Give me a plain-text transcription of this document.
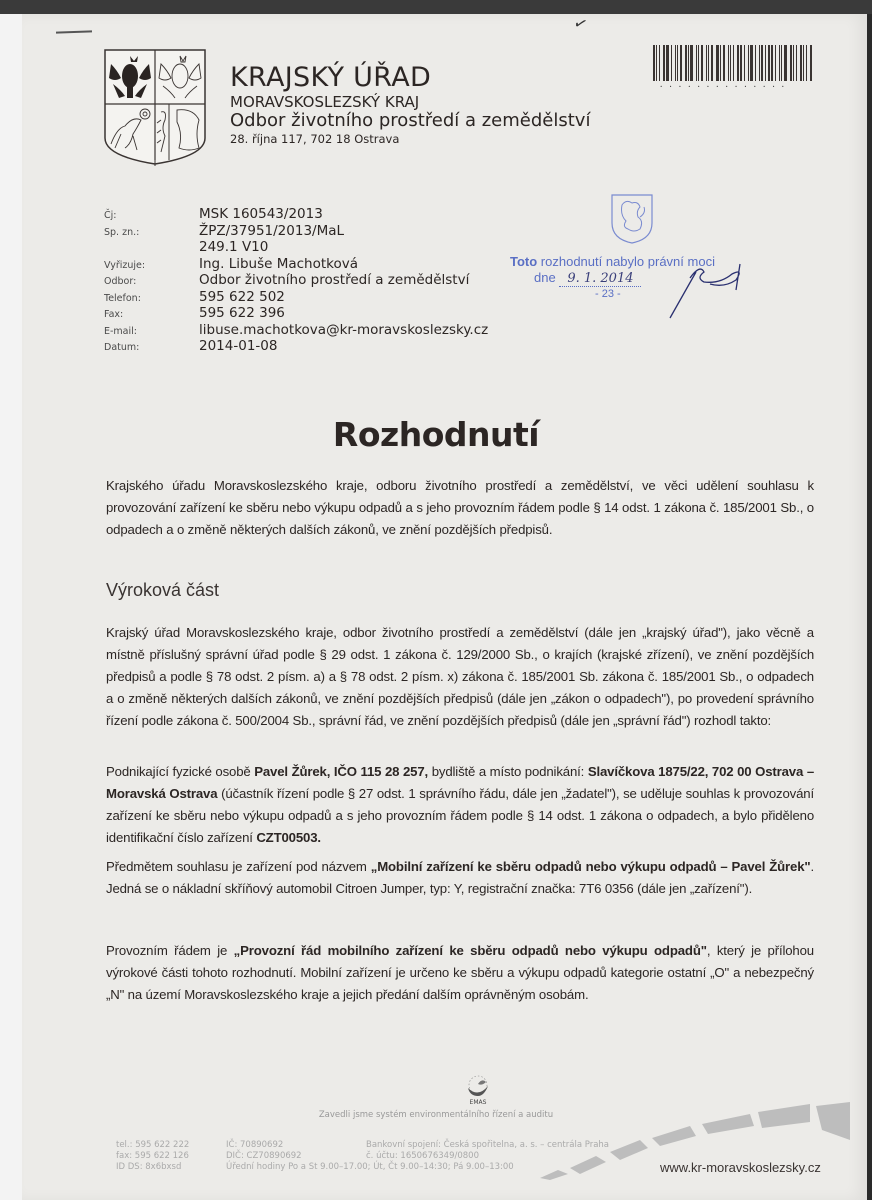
✓
KRAJSKÝ ÚŘAD
MORAVSKOSLEZSKÝ KRAJ
Odbor životního prostředí a zemědělství
28. října 117, 702 18 Ostrava
••••••••••••••
Čj:	MSK 160543/2013
Sp. zn.:	ŽPZ/37951/2013/MaL
249.1 V10
Vyřizuje:	Ing. Libuše Machotková
Odbor:	Odbor životního prostředí a zemědělství
Telefon:	595 622 502
Fax:	595 622 396
E-mail:	libuse.machotkova@kr-moravskoslezsky.cz
Datum:	2014-01-08
Toto rozhodnutí nabylo právní moci
dne 9. 1. 2014
- 23 -
Rozhodnutí
Krajského úřadu Moravskoslezského kraje, odboru životního prostředí a zemědělství, ve věci udělení souhlasu k provozování zařízení ke sběru nebo výkupu odpadů a s jeho provozním řádem podle § 14 odst. 1 zákona č. 185/2001 Sb., o odpadech a o změně některých dalších zákonů, ve znění pozdějších předpisů.
Výroková část
Krajský úřad Moravskoslezského kraje, odbor životního prostředí a zemědělství (dále jen „krajský úřad"), jako věcně a místně příslušný správní úřad podle § 29 odst. 1 zákona č. 129/2000 Sb., o krajích (krajské zřízení), ve znění pozdějších předpisů a podle § 78 odst. 2 písm. a) a § 78 odst. 2 písm. x) zákona č. 185/2001 Sb. zákona č. 185/2001 Sb., o odpadech a o změně některých dalších zákonů, ve znění pozdějších předpisů (dále jen „zákon o odpadech"), po provedení správního řízení podle zákona č. 500/2004 Sb., správní řád, ve znění pozdějších předpisů (dále jen „správní řád") rozhodl takto:
Podnikající fyzické osobě Pavel Žůrek, IČO 115 28 257, bydliště a místo podnikání: Slavíčkova 1875/22, 702 00 Ostrava – Moravská Ostrava (účastník řízení podle § 27 odst. 1 správního řádu, dále jen „žadatel"), se uděluje souhlas k provozování zařízení ke sběru nebo výkupu odpadů a s jeho provozním řádem podle § 14 odst. 1 zákona o odpadech, a bylo přiděleno identifikační číslo zařízení CZT00503.
Předmětem souhlasu je zařízení pod názvem „Mobilní zařízení ke sběru odpadů nebo výkupu odpadů – Pavel Žůrek". Jedná se o nákladní skříňový automobil Citroen Jumper, typ: Y, registrační značka: 7T6 0356 (dále jen „zařízení").
Provozním řádem je „Provozní řád mobilního zařízení ke sběru odpadů nebo výkupu odpadů", který je přílohou výrokové části tohoto rozhodnutí. Mobilní zařízení je určeno ke sběru a výkupu odpadů kategorie ostatní „O" a nebezpečný „N" na území Moravskoslezského kraje a jejich předání dalším oprávněným osobám.
EMAS
Zavedli jsme systém environmentálního řízení a auditu
tel.: 595 622 222
fax: 595 622 126
ID DS: 8x6bxsd
IČ: 70890692
DIČ: CZ70890692
Úřední hodiny Po a St 9.00–17.00; Út, Čt 9.00–14:30; Pá 9.00–13:00
Bankovní spojení: Česká spořitelna, a. s. – centrála Praha
č. účtu: 1650676349/0800
www.kr-moravskoslezsky.cz
